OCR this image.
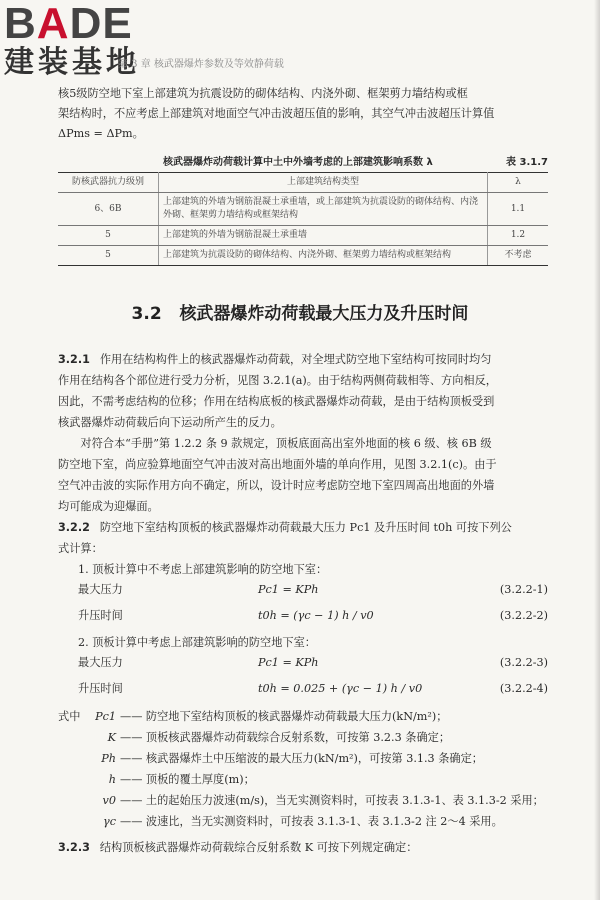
BADE
建装基地
第 3 章 核武器爆炸参数及等效静荷载

核5级防空地下室上部建筑为抗震设防的砌体结构、内浇外砌、框架剪力墙结构或框

架结构时，不应考虑上部建筑对地面空气冲击波超压值的影响，其空气冲击波超压计算值

ΔPms = ΔPm。

核武器爆炸动荷载计算中土中外墙考虑的上部建筑影响系数 λ	表 3.1.7
防核武器抗力级别	上部建筑结构类型	λ
6、6B	上部建筑的外墙为钢筋混凝土承重墙，或上部建筑为抗震设防的砌体结构、内浇外砌、框架剪力墙结构或框架结构	1.1
5	上部建筑的外墙为钢筋混凝土承重墙	1.2
5	上部建筑为抗震设防的砌体结构、内浇外砌、框架剪力墙结构或框架结构	不考虑
3.2 核武器爆炸动荷载最大压力及升压时间

3.2.1 作用在结构构件上的核武器爆炸动荷载，对全埋式防空地下室结构可按同时均匀

作用在结构各个部位进行受力分析，见图 3.2.1(a)。由于结构两侧荷载相等、方向相反，

因此，不需考虑结构的位移；作用在结构底板的核武器爆炸动荷载，是由于结构顶板受到

核武器爆炸动荷载后向下运动所产生的反力。

对符合本“手册”第 1.2.2 条 9 款规定，顶板底面高出室外地面的核 6 级、核 6B 级

防空地下室，尚应验算地面空气冲击波对高出地面外墙的单向作用，见图 3.2.1(c)。由于

空气冲击波的实际作用方向不确定，所以，设计时应考虑防空地下室四周高出地面的外墙

均可能成为迎爆面。

3.2.2 防空地下室结构顶板的核武器爆炸动荷载最大压力 Pc1 及升压时间 t0h 可按下列公

式计算：

1. 顶板计算中不考虑上部建筑影响的防空地下室：
最大压力	Pc1 = KPh	(3.2.2-1)
升压时间	t0h = (γc − 1) h / v0	(3.2.2-2)
2. 顶板计算中考虑上部建筑影响的防空地下室：
最大压力	Pc1 = KPh	(3.2.2-3)
升压时间	t0h = 0.025 + (γc − 1) h / v0	(3.2.2-4)
式中	Pc1 —— 防空地下室结构顶板的核武器爆炸动荷载最大压力(kN/m²)；
K —— 顶板核武器爆炸动荷载综合反射系数，可按第 3.2.3 条确定；
Ph —— 核武器爆炸土中压缩波的最大压力(kN/m²)，可按第 3.1.3 条确定；
h —— 顶板的覆土厚度(m)；
v0 —— 土的起始压力波速(m/s)，当无实测资料时，可按表 3.1.3-1、表 3.1.3-2 采用；
γc —— 波速比，当无实测资料时，可按表 3.1.3-1、表 3.1.3-2 注 2～4 采用。

3.2.3 结构顶板核武器爆炸动荷载综合反射系数 K 可按下列规定确定：
